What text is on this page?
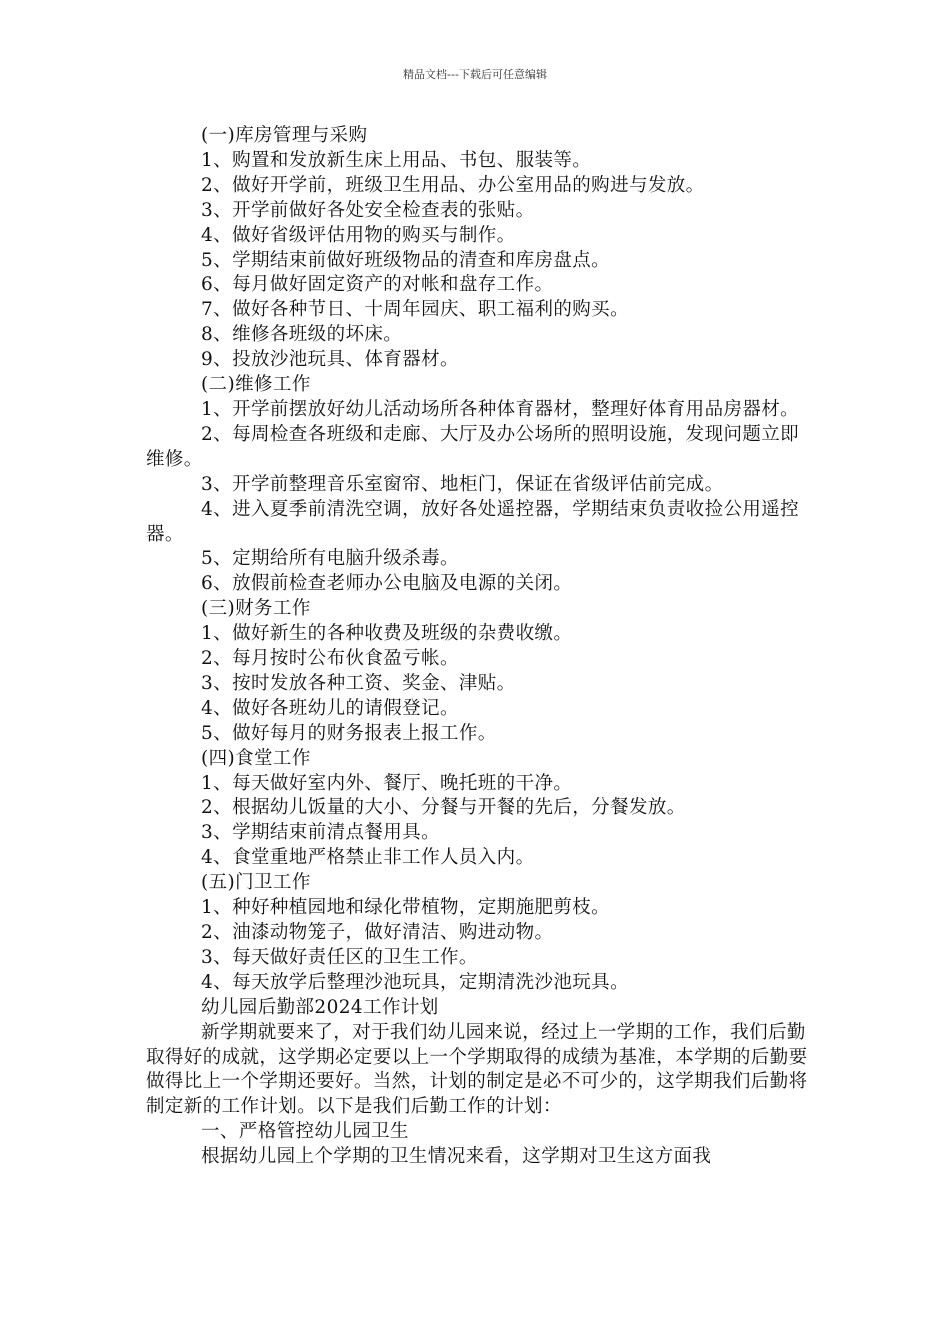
精品文档---下载后可任意编辑

(一)库房管理与采购

1、购置和发放新生床上用品、书包、服装等。

2、做好开学前，班级卫生用品、办公室用品的购进与发放。

3、开学前做好各处安全检查表的张贴。

4、做好省级评估用物的购买与制作。

5、学期结束前做好班级物品的清查和库房盘点。

6、每月做好固定资产的对帐和盘存工作。

7、做好各种节日、十周年园庆、职工福利的购买。

8、维修各班级的坏床。

9、投放沙池玩具、体育器材。

(二)维修工作

1、开学前摆放好幼儿活动场所各种体育器材，整理好体育用品房器材。

2、每周检查各班级和走廊、大厅及办公场所的照明设施，发现问题立即维修。

3、开学前整理音乐室窗帘、地柜门，保证在省级评估前完成。

4、进入夏季前清洗空调，放好各处遥控器，学期结束负责收捡公用遥控器。

5、定期给所有电脑升级杀毒。

6、放假前检查老师办公电脑及电源的关闭。

(三)财务工作

1、做好新生的各种收费及班级的杂费收缴。

2、每月按时公布伙食盈亏帐。

3、按时发放各种工资、奖金、津贴。

4、做好各班幼儿的请假登记。

5、做好每月的财务报表上报工作。

(四)食堂工作

1、每天做好室内外、餐厅、晚托班的干净。

2、根据幼儿饭量的大小、分餐与开餐的先后，分餐发放。

3、学期结束前清点餐用具。

4、食堂重地严格禁止非工作人员入内。

(五)门卫工作

1、种好种植园地和绿化带植物，定期施肥剪枝。

2、油漆动物笼子，做好清洁、购进动物。

3、每天做好责任区的卫生工作。

4、每天放学后整理沙池玩具，定期清洗沙池玩具。

幼儿园后勤部2024工作计划

新学期就要来了，对于我们幼儿园来说，经过上一学期的工作，我们后勤取得好的成就，这学期必定要以上一个学期取得的成绩为基准，本学期的后勤要做得比上一个学期还要好。当然，计划的制定是必不可少的，这学期我们后勤将制定新的工作计划。以下是我们后勤工作的计划：

一、严格管控幼儿园卫生

根据幼儿园上个学期的卫生情况来看，这学期对卫生这方面我
